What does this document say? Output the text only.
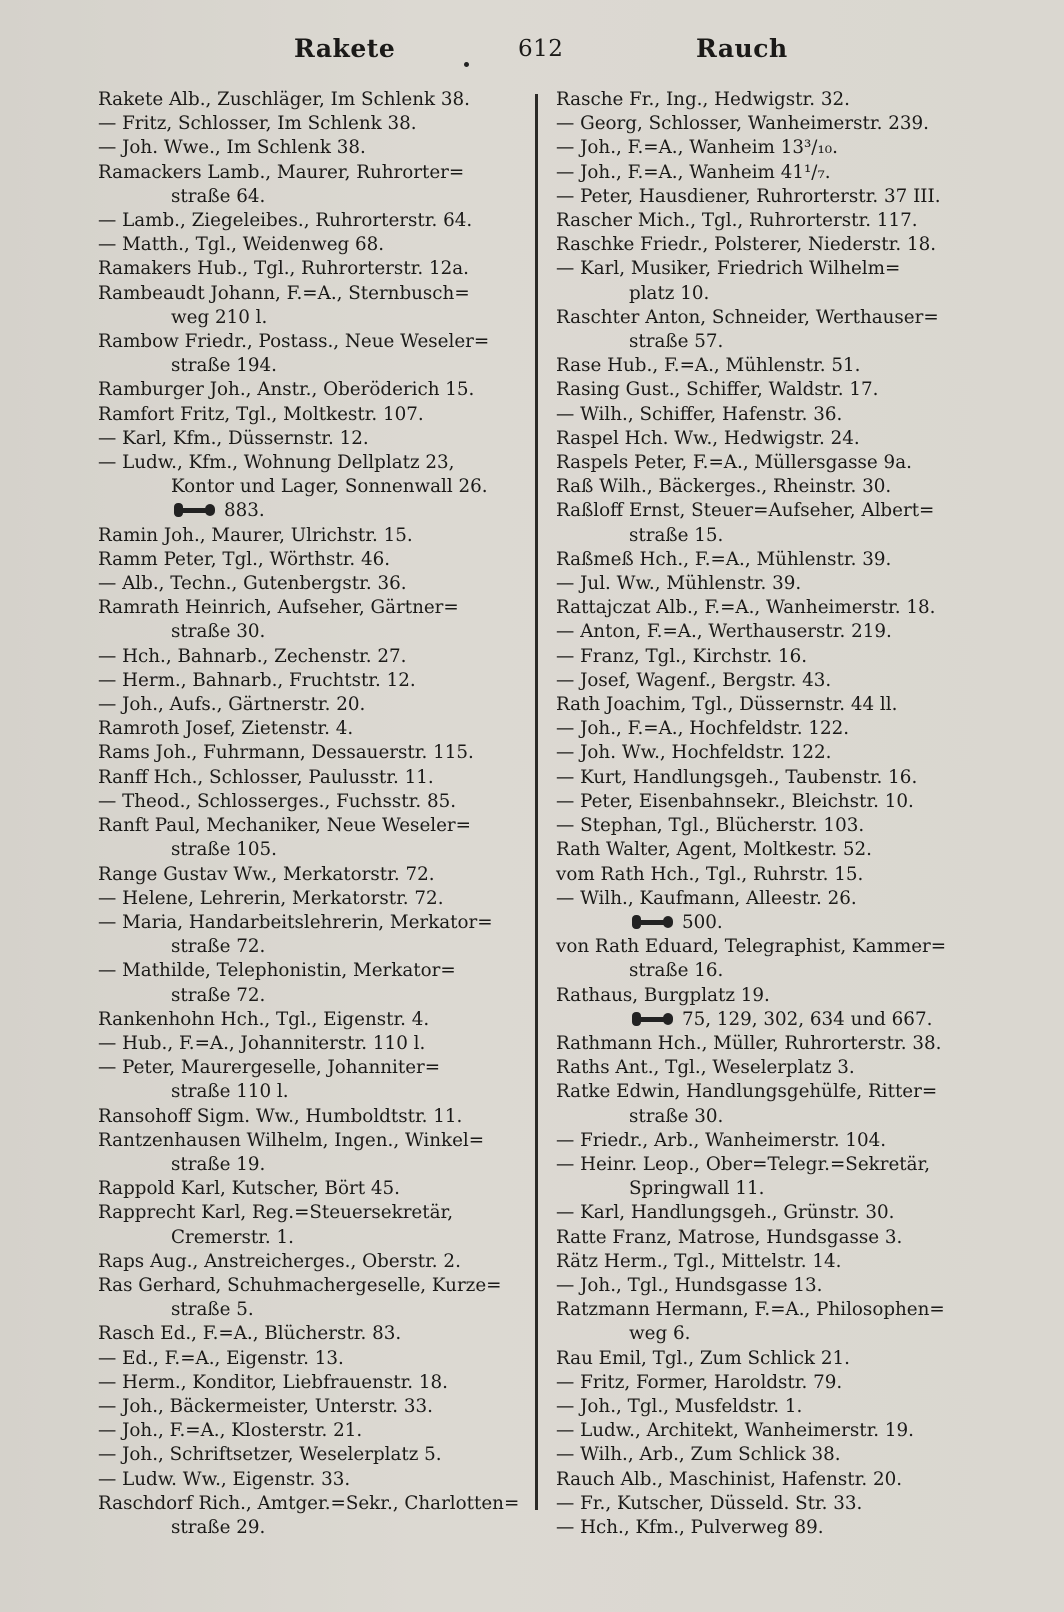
Rakete	612	Rauch
Rakete Alb., Zuschläger, Im Schlenk 38.
— Fritz, Schlosser, Im Schlenk 38.
— Joh. Wwe., Im Schlenk 38.
Ramackers Lamb., Maurer, Ruhrorter=
straße 64.
— Lamb., Ziegeleibes., Ruhrorterstr. 64.
— Matth., Tgl., Weidenweg 68.
Ramakers Hub., Tgl., Ruhrorterstr. 12a.
Rambeaudt Johann, F.=A., Sternbusch=
weg 210 l.
Rambow Friedr., Postass., Neue Weseler=
straße 194.
Ramburger Joh., Anstr., Oberöderich 15.
Ramfort Fritz, Tgl., Moltkestr. 107.
— Karl, Kfm., Düssernstr. 12.
— Ludw., Kfm., Wohnung Dellplatz 23,
Kontor und Lager, Sonnenwall 26.
883.
Ramin Joh., Maurer, Ulrichstr. 15.
Ramm Peter, Tgl., Wörthstr. 46.
— Alb., Techn., Gutenbergstr. 36.
Ramrath Heinrich, Aufseher, Gärtner=
straße 30.
— Hch., Bahnarb., Zechenstr. 27.
— Herm., Bahnarb., Fruchtstr. 12.
— Joh., Aufs., Gärtnerstr. 20.
Ramroth Josef, Zietenstr. 4.
Rams Joh., Fuhrmann, Dessauerstr. 115.
Ranff Hch., Schlosser, Paulusstr. 11.
— Theod., Schlosserges., Fuchsstr. 85.
Ranft Paul, Mechaniker, Neue Weseler=
straße 105.
Range Gustav Ww., Merkatorstr. 72.
— Helene, Lehrerin, Merkatorstr. 72.
— Maria, Handarbeitslehrerin, Merkator=
straße 72.
— Mathilde, Telephonistin, Merkator=
straße 72.
Rankenhohn Hch., Tgl., Eigenstr. 4.
— Hub., F.=A., Johanniterstr. 110 l.
— Peter, Maurergeselle, Johanniter=
straße 110 l.
Ransohoff Sigm. Ww., Humboldtstr. 11.
Rantzenhausen Wilhelm, Ingen., Winkel=
straße 19.
Rappold Karl, Kutscher, Bört 45.
Rapprecht Karl, Reg.=Steuersekretär,
Cremerstr. 1.
Raps Aug., Anstreicherges., Oberstr. 2.
Ras Gerhard, Schuhmachergeselle, Kurze=
straße 5.
Rasch Ed., F.=A., Blücherstr. 83.
— Ed., F.=A., Eigenstr. 13.
— Herm., Konditor, Liebfrauenstr. 18.
— Joh., Bäckermeister, Unterstr. 33.
— Joh., F.=A., Klosterstr. 21.
— Joh., Schriftsetzer, Weselerplatz 5.
— Ludw. Ww., Eigenstr. 33.
Raschdorf Rich., Amtger.=Sekr., Charlotten=
straße 29.
Rasche Fr., Ing., Hedwigstr. 32.
— Georg, Schlosser, Wanheimerstr. 239.
— Joh., F.=A., Wanheim 13³/₁₀.
— Joh., F.=A., Wanheim 41¹/₇.
— Peter, Hausdiener, Ruhrorterstr. 37 III.
Rascher Mich., Tgl., Ruhrorterstr. 117.
Raschke Friedr., Polsterer, Niederstr. 18.
— Karl, Musiker, Friedrich Wilhelm=
platz 10.
Raschter Anton, Schneider, Werthauser=
straße 57.
Rase Hub., F.=A., Mühlenstr. 51.
Rasing Gust., Schiffer, Waldstr. 17.
— Wilh., Schiffer, Hafenstr. 36.
Raspel Hch. Ww., Hedwigstr. 24.
Raspels Peter, F.=A., Müllersgasse 9a.
Raß Wilh., Bäckerges., Rheinstr. 30.
Raßloff Ernst, Steuer=Aufseher, Albert=
straße 15.
Raßmeß Hch., F.=A., Mühlenstr. 39.
— Jul. Ww., Mühlenstr. 39.
Rattajczat Alb., F.=A., Wanheimerstr. 18.
— Anton, F.=A., Werthauserstr. 219.
— Franz, Tgl., Kirchstr. 16.
— Josef, Wagenf., Bergstr. 43.
Rath Joachim, Tgl., Düssernstr. 44 ll.
— Joh., F.=A., Hochfeldstr. 122.
— Joh. Ww., Hochfeldstr. 122.
— Kurt, Handlungsgeh., Taubenstr. 16.
— Peter, Eisenbahnsekr., Bleichstr. 10.
— Stephan, Tgl., Blücherstr. 103.
Rath Walter, Agent, Moltkestr. 52.
vom Rath Hch., Tgl., Ruhrstr. 15.
— Wilh., Kaufmann, Alleestr. 26.
500.
von Rath Eduard, Telegraphist, Kammer=
straße 16.
Rathaus, Burgplatz 19.
75, 129, 302, 634 und 667.
Rathmann Hch., Müller, Ruhrorterstr. 38.
Raths Ant., Tgl., Weselerplatz 3.
Ratke Edwin, Handlungsgehülfe, Ritter=
straße 30.
— Friedr., Arb., Wanheimerstr. 104.
— Heinr. Leop., Ober=Telegr.=Sekretär,
Springwall 11.
— Karl, Handlungsgeh., Grünstr. 30.
Ratte Franz, Matrose, Hundsgasse 3.
Rätz Herm., Tgl., Mittelstr. 14.
— Joh., Tgl., Hundsgasse 13.
Ratzmann Hermann, F.=A., Philosophen=
weg 6.
Rau Emil, Tgl., Zum Schlick 21.
— Fritz, Former, Haroldstr. 79.
— Joh., Tgl., Musfeldstr. 1.
— Ludw., Architekt, Wanheimerstr. 19.
— Wilh., Arb., Zum Schlick 38.
Rauch Alb., Maschinist, Hafenstr. 20.
— Fr., Kutscher, Düsseld. Str. 33.
— Hch., Kfm., Pulverweg 89.
